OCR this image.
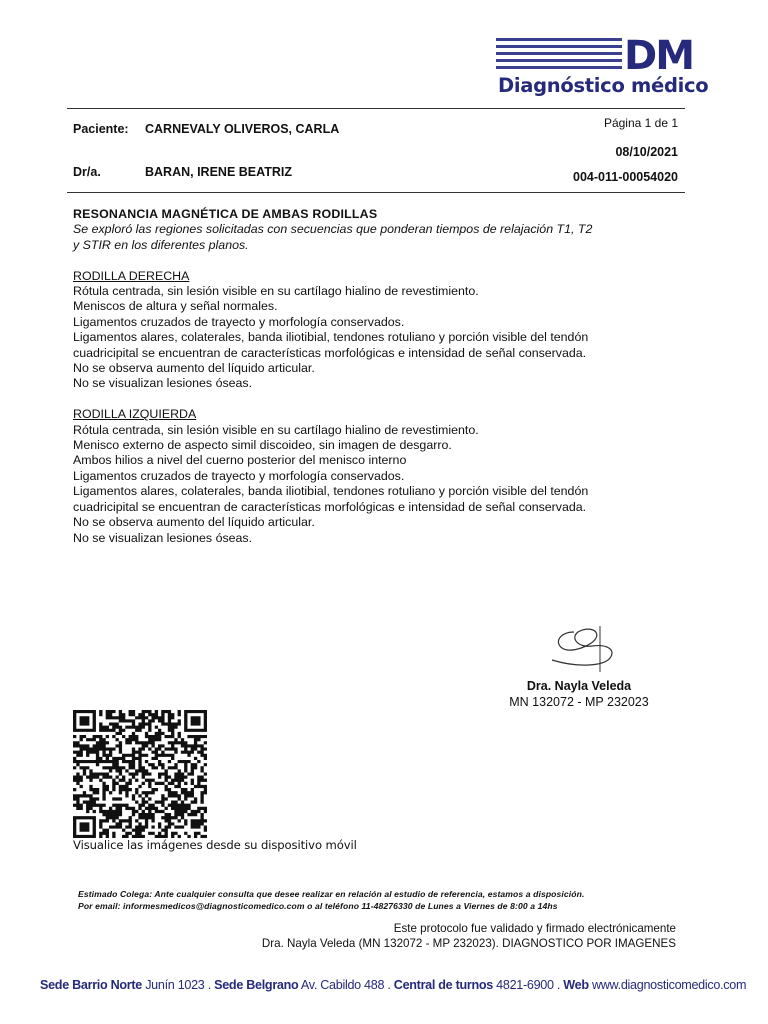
DM
Diagnóstico médico
Paciente: CARNEVALY OLIVEROS, CARLA	Página 1 de 1
08/10/2021
Dr/a.	BARAN, IRENE BEATRIZ	004-011-00054020

RESONANCIA MAGNÉTICA DE AMBAS RODILLAS

Se exploró las regiones solicitadas con secuencias que ponderan tiempos de relajación T1, T2

y STIR en los diferentes planos.

RODILLA DERECHA

Rótula centrada, sin lesión visible en su cartílago hialino de revestimiento.

Meniscos de altura y señal normales.

Ligamentos cruzados de trayecto y morfología conservados.

Ligamentos alares, colaterales, banda iliotibial, tendones rotuliano y porción visible del tendón

cuadricipital se encuentran de características morfológicas e intensidad de señal conservada.

No se observa aumento del líquido articular.

No se visualizan lesiones óseas.

RODILLA IZQUIERDA

Rótula centrada, sin lesión visible en su cartílago hialino de revestimiento.

Menisco externo de aspecto simil discoideo, sin imagen de desgarro.

Ambos hilios a nivel del cuerno posterior del menisco interno

Ligamentos cruzados de trayecto y morfología conservados.

Ligamentos alares, colaterales, banda iliotibial, tendones rotuliano y porción visible del tendón

cuadricipital se encuentran de características morfológicas e intensidad de señal conservada.

No se observa aumento del líquido articular.

No se visualizan lesiones óseas.

Dra. Nayla Veleda
MN 132072 - MP 232023
Visualice las imágenes desde su dispositivo móvil
Estimado Colega: Ante cualquier consulta que desee realizar en relación al estudio de referencia, estamos a disposición.
Por email: informesmedicos@diagnosticomedico.com o al teléfono 11-48276330 de Lunes a Viernes de 8:00 a 14hs
Este protocolo fue validado y firmado electrónicamente
Dra. Nayla Veleda (MN 132072 - MP 232023). DIAGNOSTICO POR IMAGENES
Sede Barrio Norte Junín 1023 . Sede Belgrano Av. Cabildo 488 . Central de turnos 4821-6900 . Web www.diagnosticomedico.com
